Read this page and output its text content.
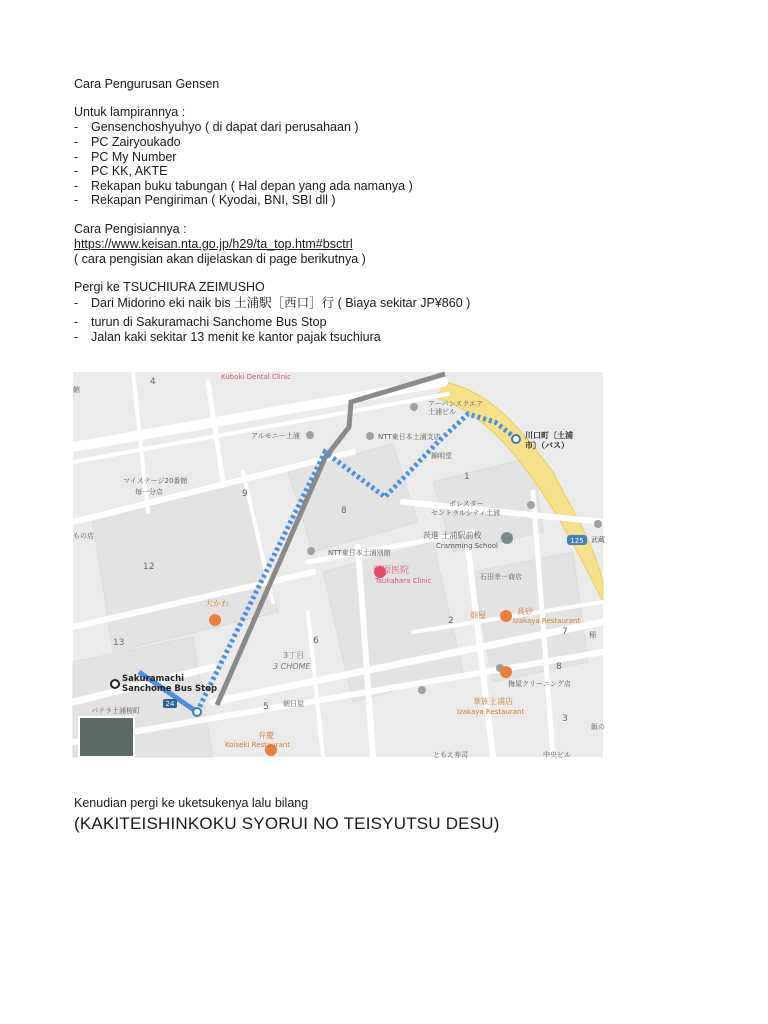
Cara Pengurusan Gensen
Untuk lampirannya :
- Gensenchoshyuhyo ( di dapat dari perusahaan )
- PC Zairyoukado
- PC My Number
- PC KK, AKTE
- Rekapan buku tabungan ( Hal depan yang ada namanya )
- Rekapan Pengiriman ( Kyodai, BNI, SBI dll )
Cara Pengisiannya :
https://www.keisan.nta.go.jp/h29/ta_top.htm#bsctrl
( cara pengisian akan dijelaskan di page berikutnya )
Pergi ke TSUCHIURA ZEIMUSHO
- Dari Midorino eki naik bis 土浦駅［西口］行 ( Biaya sekitar JP¥860 )
- turun di Sakuramachi Sanchome Bus Stop
- Jalan kaki sekitar 13 menit ke kantor pajak tsuchiura
Kenudian pergi ke uketsukenya lalu bilang
(KAKITEISHINKOKU SYORUI NO TEISYUTSU DESU)
125
24
Kuboki Dental Clinic
アーバンスクエア
土浦ビル
NTT東日本土浦支店
アルモニー土浦
錦明堂
川口町〔土浦
市〕（バス）
マイステージ20番館
毎一分店
ポレスター
セントラルシティ土浦
茨進 土浦駅前校
Cramming School
NTT東日本土浦別館
塚原医院
Tsukahara Clinic	石田幸一商店
大かわ
高砂
Izakaya Restaurant
畑屋
3丁目
3 CHOME
Sakuramachi
Sanchome Bus Stop
パテラ土浦桜町
朝日屋
梅屋クリーニング店
華族土浦店
Izakaya Restaurant
弁慶
Koiseki Restaurant
ともえ寿司	中央ビル
飯の
館
武蔵
もの店
稲
4
9
8
1
12
2
13	6
5
7
3
8
